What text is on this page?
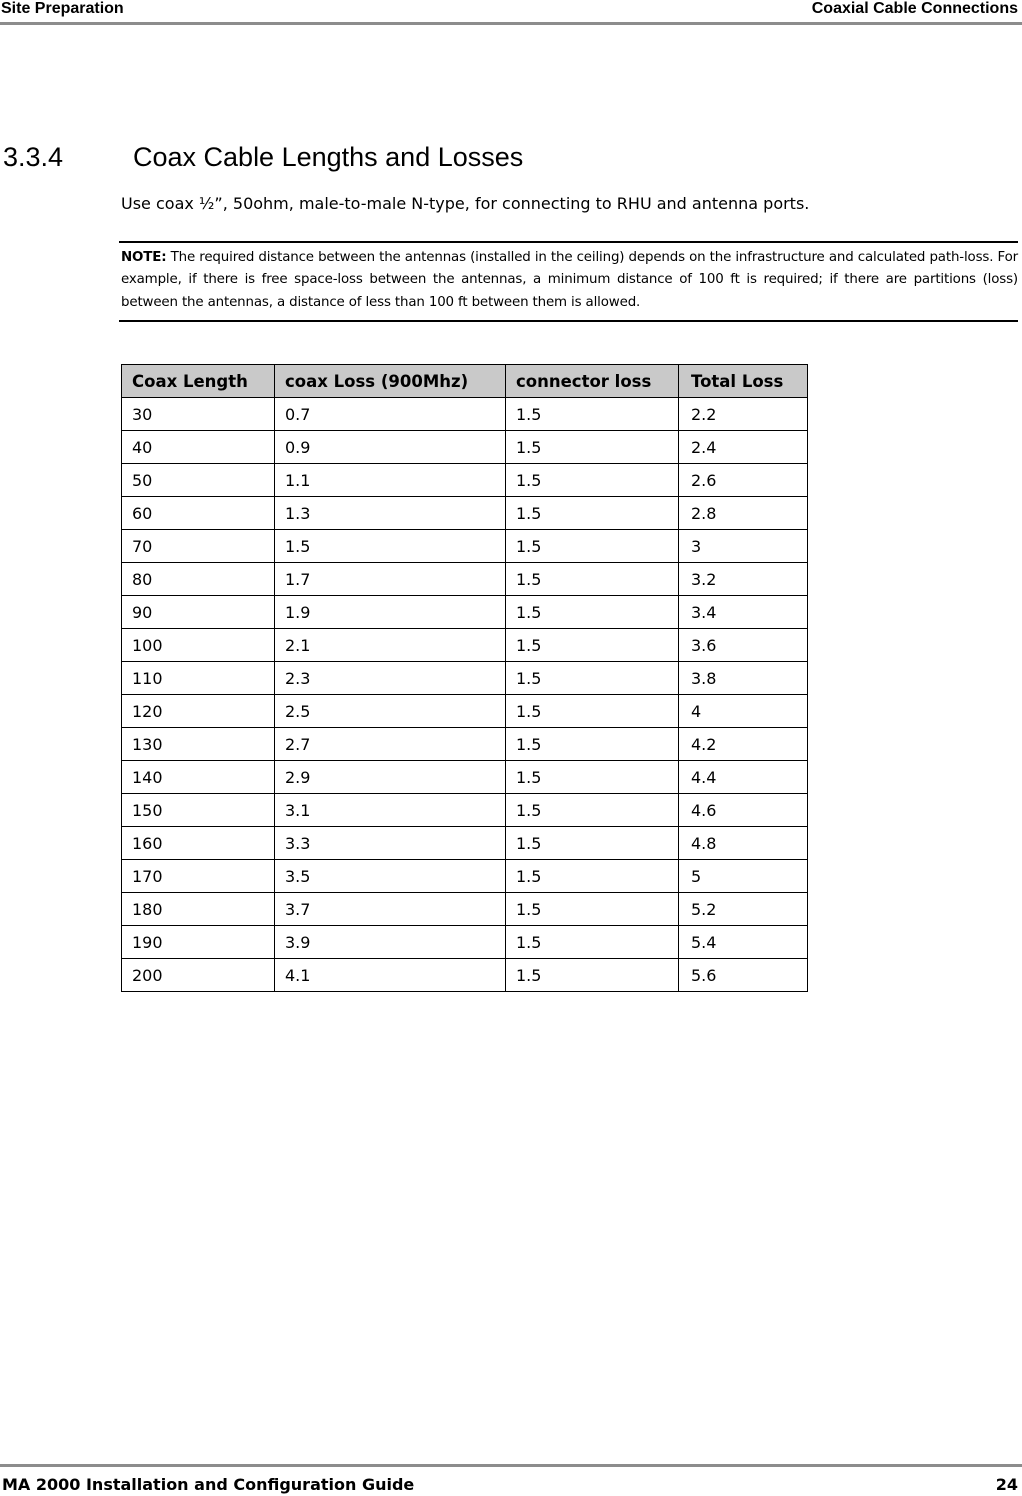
Site Preparation	Coaxial Cable Connections
3.3.4	Coax Cable Lengths and Losses

Use coax ½”, 50ohm, male-to-male N-type, for connecting to RHU and antenna ports.

NOTE: The required distance between the antennas (installed in the ceiling) depends on the infrastructure and calculated path-loss. For example, if there is free space-loss between the antennas, a minimum distance of 100 ft is required; if there are partitions (loss) between the antennas, a distance of less than 100 ft between them is allowed.
Coax Length	coax Loss (900Mhz)	connector loss	Total Loss
30	0.7	1.5	2.2
40	0.9	1.5	2.4
50	1.1	1.5	2.6
60	1.3	1.5	2.8
70	1.5	1.5	3
80	1.7	1.5	3.2
90	1.9	1.5	3.4
100	2.1	1.5	3.6
110	2.3	1.5	3.8
120	2.5	1.5	4
130	2.7	1.5	4.2
140	2.9	1.5	4.4
150	3.1	1.5	4.6
160	3.3	1.5	4.8
170	3.5	1.5	5
180	3.7	1.5	5.2
190	3.9	1.5	5.4
200	4.1	1.5	5.6
MA 2000 Installation and Configuration Guide	24
